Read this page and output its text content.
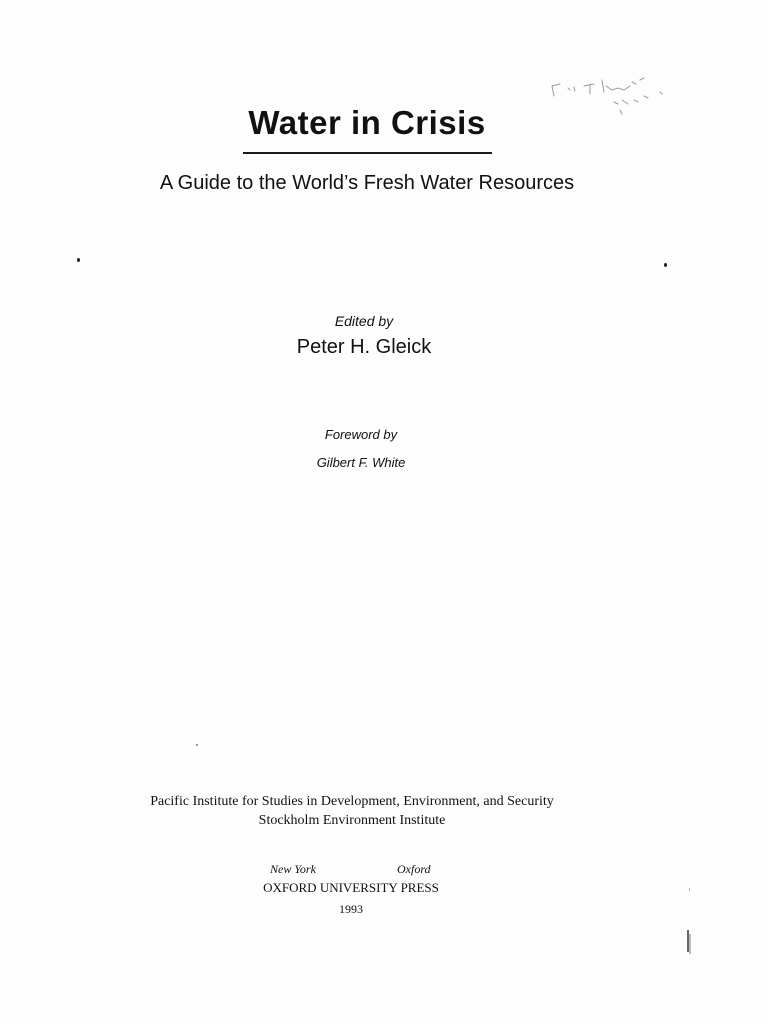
Water in Crisis
A Guide to the World’s Fresh Water Resources
Edited by
Peter H. Gleick
Foreword by
Gilbert F. White
Pacific Institute for Studies in Development, Environment, and Security
Stockholm Environment Institute
New York	Oxford
OXFORD UNIVERSITY PRESS
1993
